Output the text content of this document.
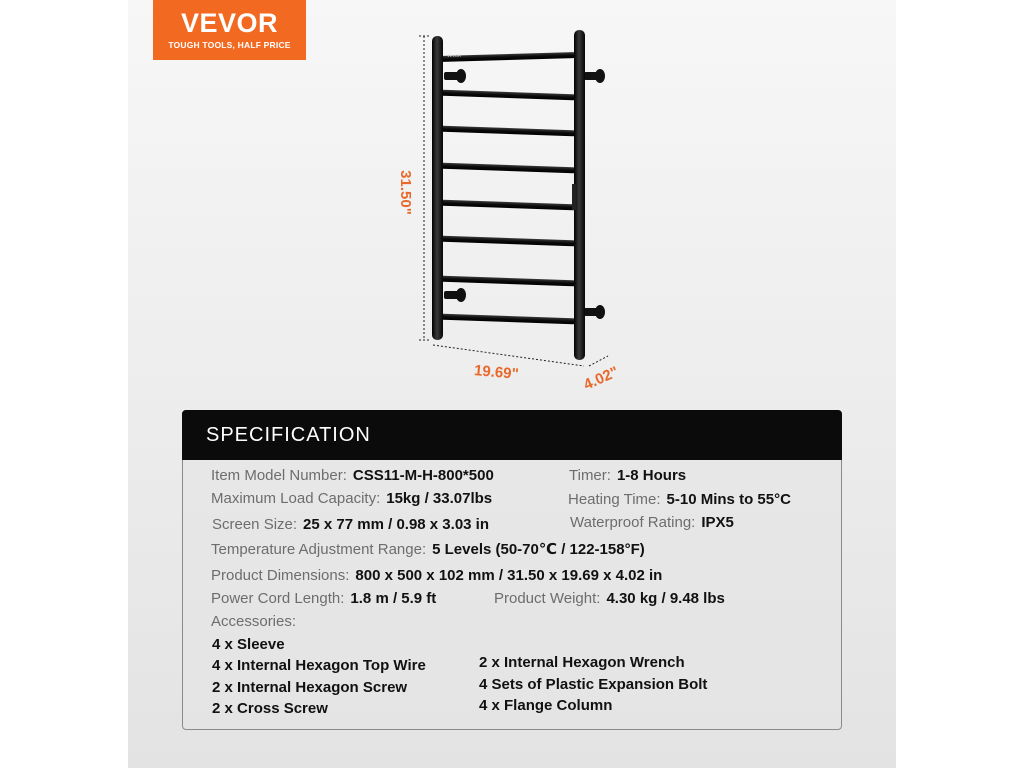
VEVOR
TOUGH TOOLS, HALF PRICE
VEVOR
31.50"
19.69"	4.02"
SPECIFICATION
Item Model Number: CSS11-M-H-800*500	Timer: 1-8 Hours
Maximum Load Capacity: 15kg / 33.07lbs	Heating Time: 5-10 Mins to 55°C
Screen Size: 25 x 77 mm / 0.98 x 3.03 in	Waterproof Rating: IPX5
Temperature Adjustment Range: 5 Levels (50-70℃ / 122-158°F)
Product Dimensions: 800 x 500 x 102 mm / 31.50 x 19.69 x 4.02 in
Power Cord Length: 1.8 m / 5.9 ft	Product Weight: 4.30 kg / 9.48 lbs
Accessories:
4 x Sleeve
4 x Internal Hexagon Top Wire
2 x Internal Hexagon Screw
2 x Cross Screw
2 x Internal Hexagon Wrench
4 Sets of Plastic Expansion Bolt
4 x Flange Column
